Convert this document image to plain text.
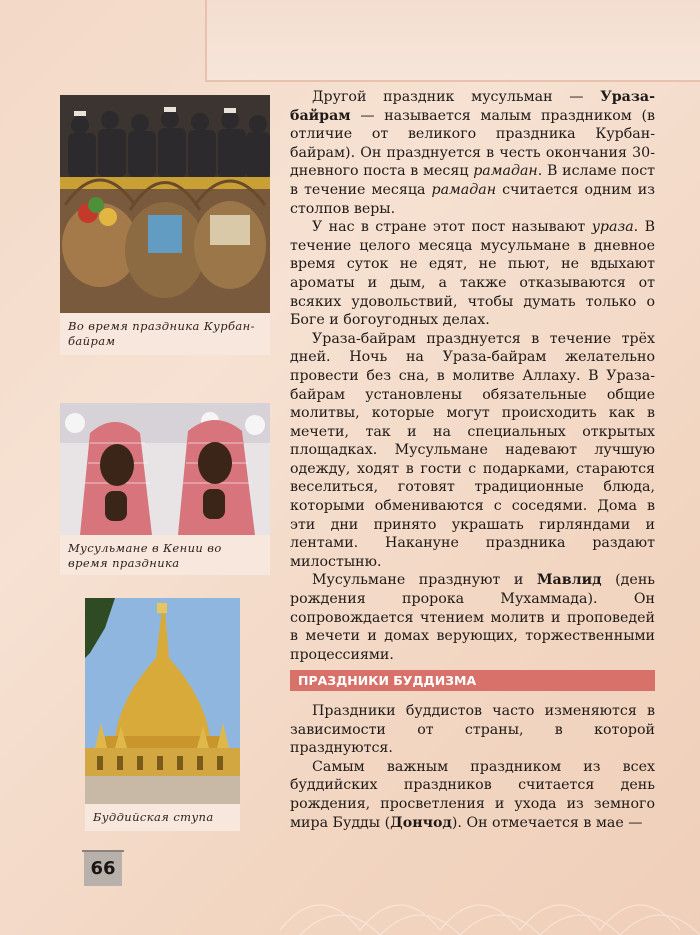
Во время праздника Курбан-байрам
Мусульмане в Кении во время праздника
Буддийская ступа

Другой праздник мусульман — Ураза-байрам — называется малым праздником (в отличие от великого праздника Курбан-байрам). Он празднуется в честь окончания 30-дневного поста в месяц рамадан. В исламе пост в течение месяца рамадан считается одним из столпов веры.

У нас в стране этот пост называют ураза. В течение целого месяца мусульмане в дневное время суток не едят, не пьют, не вдыхают ароматы и дым, а также отказываются от всяких удовольствий, чтобы думать только о Боге и богоугодных делах.

Ураза-байрам празднуется в течение трёх дней. Ночь на Ураза-байрам желательно провести без сна, в молитве Аллаху. В Ураза-байрам установлены обязательные общие молитвы, которые могут происходить как в мечети, так и на специальных открытых площадках. Мусульмане надевают лучшую одежду, ходят в гости с подарками, стараются веселиться, готовят традиционные блюда, которыми обмениваются с соседями. Дома в эти дни принято украшать гирляндами и лентами. Накануне праздника раздают милостыню.

Мусульмане празднуют и Мавлид (день рождения пророка Мухаммада). Он сопровождается чтением молитв и проповедей в мечети и домах верующих, торжественными процессиями.

ПРАЗДНИКИ БУДДИЗМА

Праздники буддистов часто изменяются в зависимости от страны, в которой празднуются.

Самым важным праздником из всех буддийских праздников считается день рождения, просветления и ухода из земного мира Будды (Дончод). Он отмечается в мае —

66
